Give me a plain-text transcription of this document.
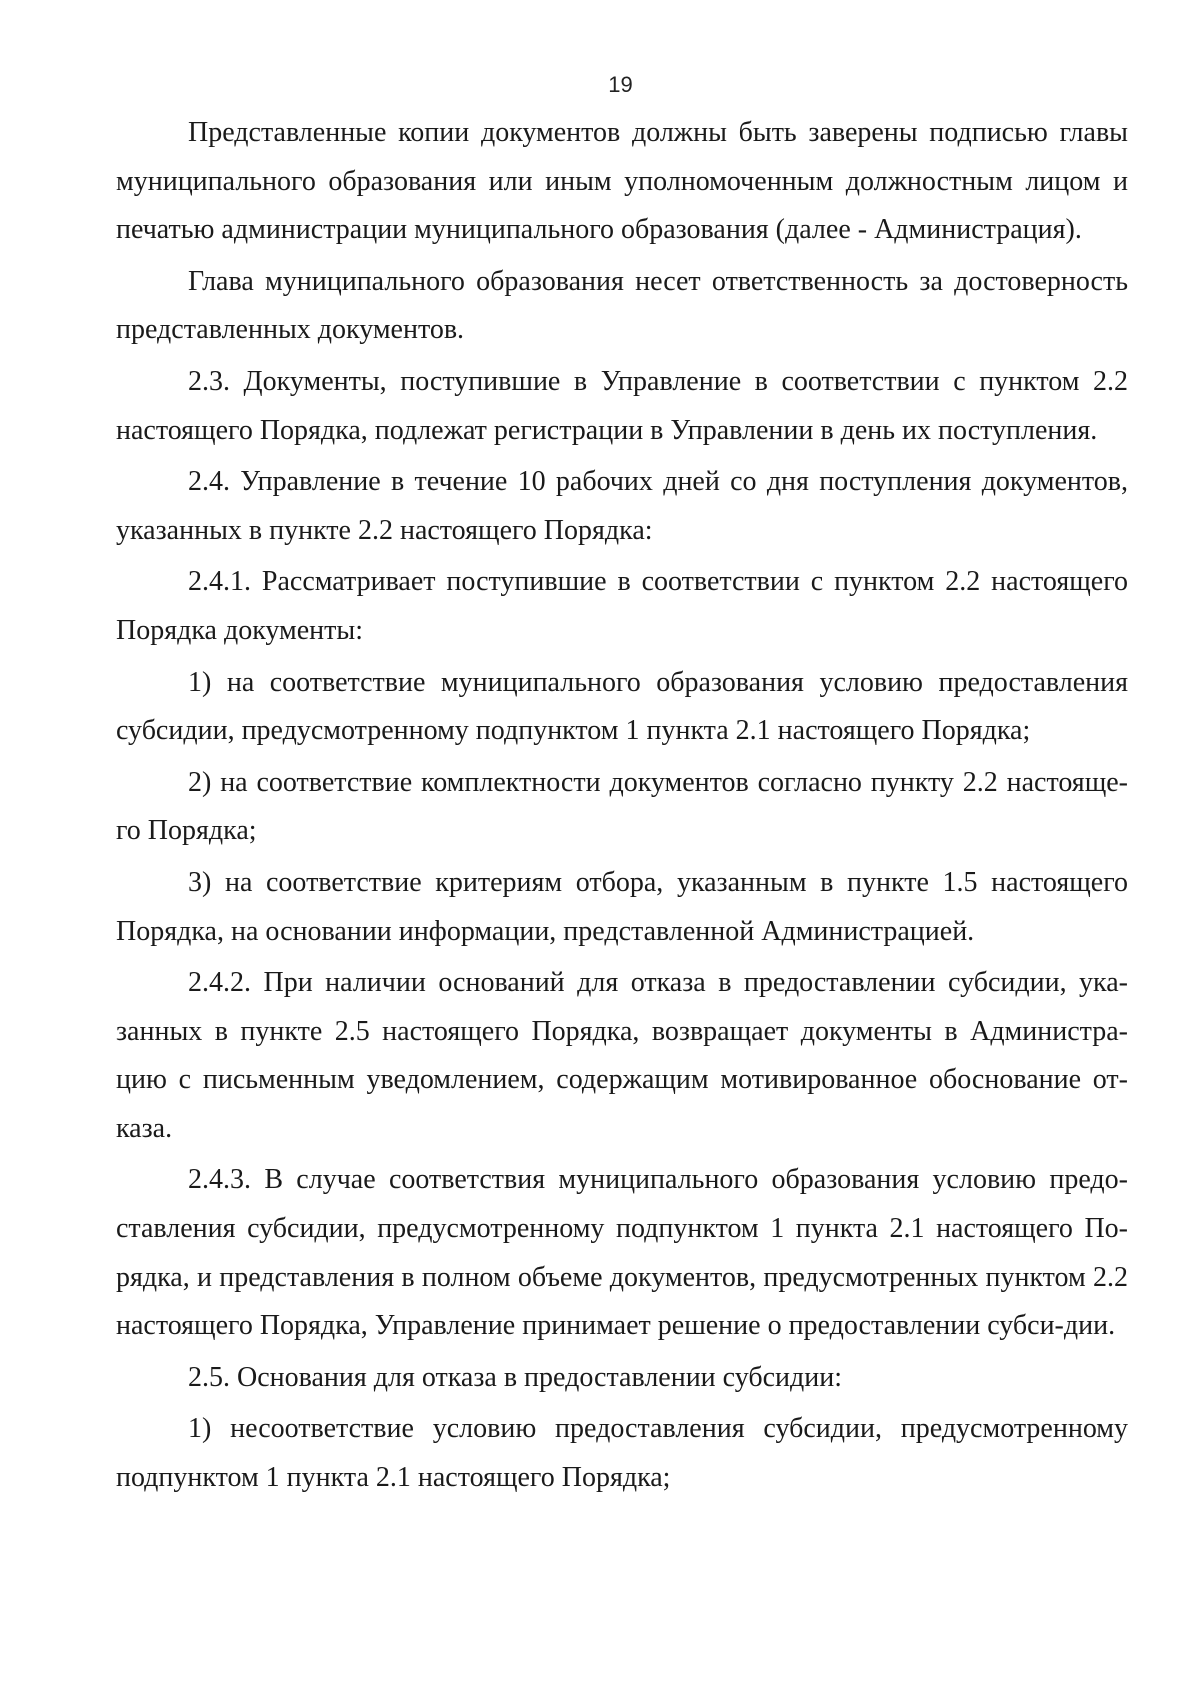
19

Представленные копии документов должны быть заверены подписью главы муниципального образования или иным уполномоченным должностным лицом и печатью администрации муниципального образования (далее - Администрация).

Глава муниципального образования несет ответственность за достоверность представленных документов.

2.3. Документы, поступившие в Управление в соответствии с пунктом 2.2 настоящего Порядка, подлежат регистрации в Управлении в день их поступления.

2.4. Управление в течение 10 рабочих дней со дня поступления документов, указанных в пункте 2.2 настоящего Порядка:

2.4.1. Рассматривает поступившие в соответствии с пунктом 2.2 настоящего Порядка документы:

1) на соответствие муниципального образования условию предоставления субсидии, предусмотренному подпунктом 1 пункта 2.1 настоящего Порядка;

2) на соответствие комплектности документов согласно пункту 2.2 настояще-го Порядка;

3) на соответствие критериям отбора, указанным в пункте 1.5 настоящего Порядка, на основании информации, представленной Администрацией.

2.4.2. При наличии оснований для отказа в предоставлении субсидии, ука-занных в пункте 2.5 настоящего Порядка, возвращает документы в Администра-цию с письменным уведомлением, содержащим мотивированное обоснование от-каза.

2.4.3. В случае соответствия муниципального образования условию предо-ставления субсидии, предусмотренному подпунктом 1 пункта 2.1 настоящего По-рядка, и представления в полном объеме документов, предусмотренных пунктом 2.2 настоящего Порядка, Управление принимает решение о предоставлении субси-дии.

2.5. Основания для отказа в предоставлении субсидии:

1) несоответствие условию предоставления субсидии, предусмотренному подпунктом 1 пункта 2.1 настоящего Порядка;
